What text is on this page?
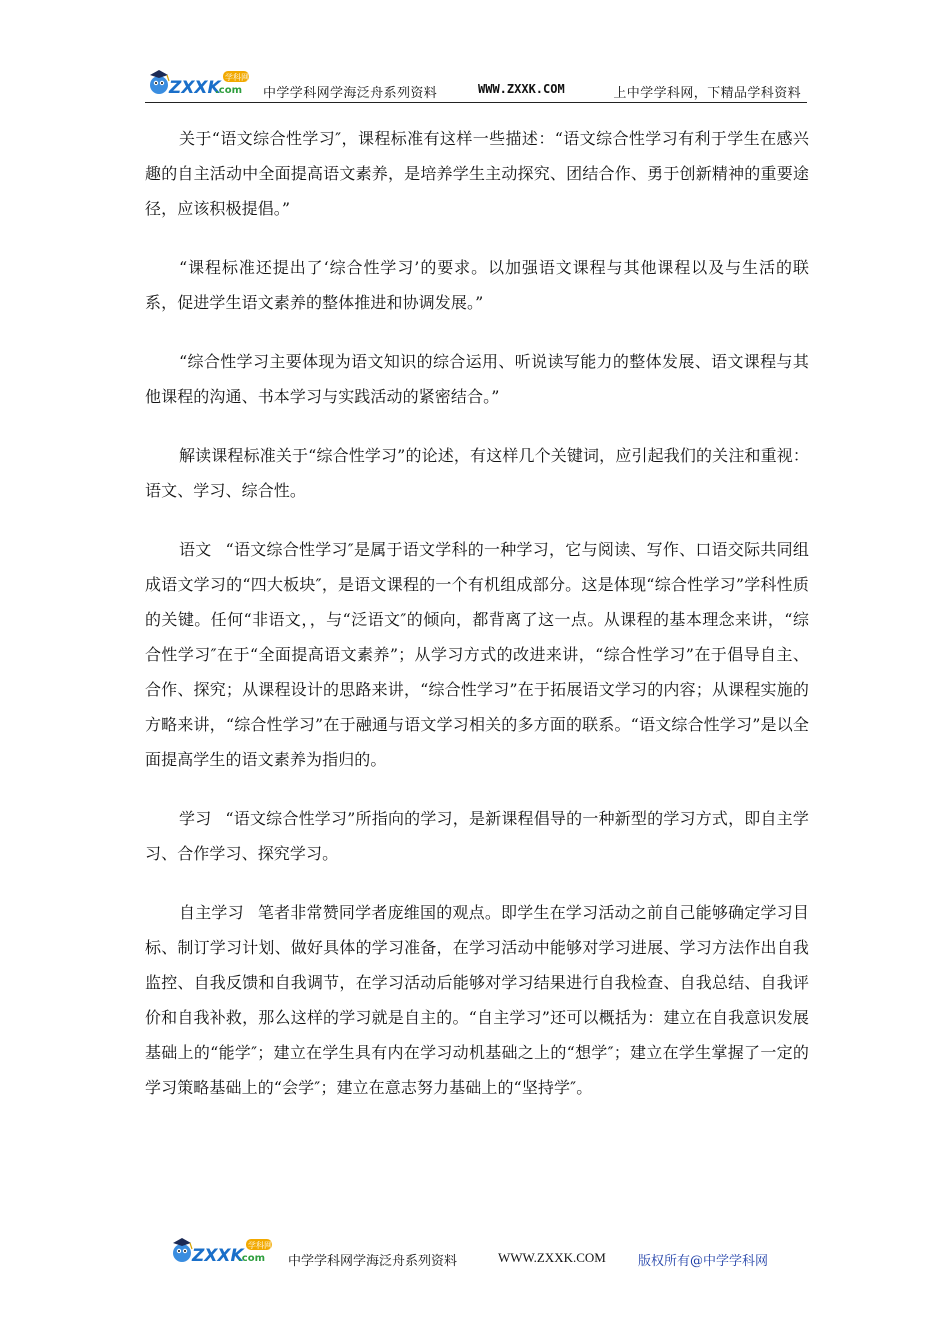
ZXXK
.com
学科网
中学学科网学海泛舟系列资料	WWW.ZXXK.COM	上中学学科网，下精品学科资料

关于“语文综合性学习″，课程标准有这样一些描述：“语文综合性学习有利于学生在感兴趣的自主活动中全面提高语文素养，是培养学生主动探究、团结合作、勇于创新精神的重要途径，应该积极提倡。”

“课程标准还提出了‘综合性学习’的要求。以加强语文课程与其他课程以及与生活的联系，促进学生语文素养的整体推进和协调发展。”

“综合性学习主要体现为语文知识的综合运用、听说读写能力的整体发展、语文课程与其他课程的沟通、书本学习与实践活动的紧密结合。”

解读课程标准关于“综合性学习”的论述，有这样几个关键词，应引起我们的关注和重视：语文、学习、综合性。

语文 “语文综合性学习″是属于语文学科的一种学习，它与阅读、写作、口语交际共同组成语文学习的“四大板块″，是语文课程的一个有机组成部分。这是体现“综合性学习”学科性质的关键。任何“非语文，，与“泛语文″的倾向，都背离了这一点。从课程的基本理念来讲，“综合性学习″在于“全面提高语文素养”；从学习方式的改进来讲，“综合性学习”在于倡导自主、合作、探究；从课程设计的思路来讲，“综合性学习”在于拓展语文学习的内容；从课程实施的方略来讲，“综合性学习”在于融通与语文学习相关的多方面的联系。“语文综合性学习”是以全面提高学生的语文素养为指归的。

学习 “语文综合性学习”所指向的学习，是新课程倡导的一种新型的学习方式，即自主学习、合作学习、探究学习。

自主学习 笔者非常赞同学者庞维国的观点。即学生在学习活动之前自己能够确定学习目标、制订学习计划、做好具体的学习准备，在学习活动中能够对学习进展、学习方法作出自我监控、自我反馈和自我调节，在学习活动后能够对学习结果进行自我检查、自我总结、自我评价和自我补救，那么这样的学习就是自主的。“自主学习”还可以概括为：建立在自我意识发展基础上的“能学″；建立在学生具有内在学习动机基础之上的“想学″；建立在学生掌握了一定的学习策略基础上的“会学″；建立在意志努力基础上的“坚持学″。

ZXXK
.com
学科网
中学学科网学海泛舟系列资料	WWW.ZXXK.COM 版权所有@中学学科网
